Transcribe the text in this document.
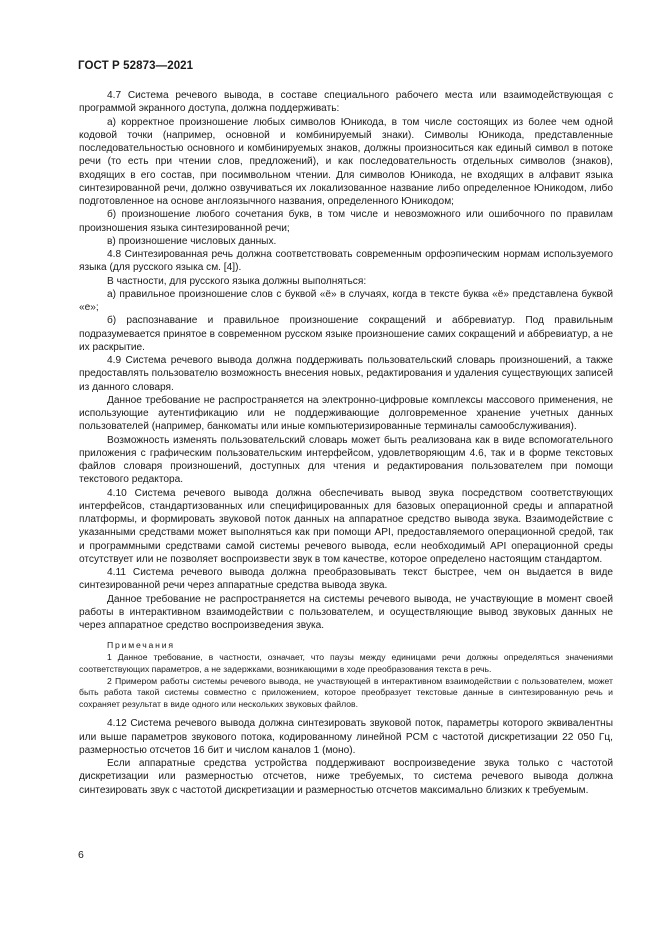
ГОСТ Р 52873—2021

4.7 Система речевого вывода, в составе специального рабочего места или взаимодействующая с программой экранного доступа, должна поддерживать:

а) корректное произношение любых символов Юникода, в том числе состоящих из более чем одной кодовой точки (например, основной и комбинируемый знаки). Символы Юникода, представленные последовательностью основного и комбинируемых знаков, должны произноситься как единый символ в потоке речи (то есть при чтении слов, предложений), и как последовательность отдельных символов (знаков), входящих в его состав, при посимвольном чтении. Для символов Юникода, не входящих в алфавит языка синтезированной речи, должно озвучиваться их локализованное название либо определенное Юникодом, либо подготовленное на основе англоязычного названия, определенного Юникодом;

б) произношение любого сочетания букв, в том числе и невозможного или ошибочного по правилам произношения языка синтезированной речи;

в) произношение числовых данных.

4.8 Синтезированная речь должна соответствовать современным орфоэпическим нормам используемого языка (для русского языка см. [4]).

В частности, для русского языка должны выполняться:

а) правильное произношение слов с буквой «ё» в случаях, когда в тексте буква «ё» представлена буквой «е»;

б) распознавание и правильное произношение сокращений и аббревиатур. Под правильным подразумевается принятое в современном русском языке произношение самих сокращений и аббревиатур, а не их раскрытие.

4.9 Система речевого вывода должна поддерживать пользовательский словарь произношений, а также предоставлять пользователю возможность внесения новых, редактирования и удаления существующих записей из данного словаря.

Данное требование не распространяется на электронно-цифровые комплексы массового применения, не использующие аутентификацию или не поддерживающие долговременное хранение учетных данных пользователей (например, банкоматы или иные компьютеризированные терминалы самообслуживания).

Возможность изменять пользовательский словарь может быть реализована как в виде вспомогательного приложения с графическим пользовательским интерфейсом, удовлетворяющим 4.6, так и в форме текстовых файлов словаря произношений, доступных для чтения и редактирования пользователем при помощи текстового редактора.

4.10 Система речевого вывода должна обеспечивать вывод звука посредством соответствующих интерфейсов, стандартизованных или специфицированных для базовых операционной среды и аппаратной платформы, и формировать звуковой поток данных на аппаратное средство вывода звука. Взаимодействие с указанными средствами может выполняться как при помощи API, предоставляемого операционной средой, так и программными средствами самой системы речевого вывода, если необходимый API операционной среды отсутствует или не позволяет воспроизвести звук в том качестве, которое определено настоящим стандартом.

4.11 Система речевого вывода должна преобразовывать текст быстрее, чем он выдается в виде синтезированной речи через аппаратные средства вывода звука.

Данное требование не распространяется на системы речевого вывода, не участвующие в момент своей работы в интерактивном взаимодействии с пользователем, и осуществляющие вывод звуковых данных не через аппаратное средство воспроизведения звука.

Примечания

1 Данное требование, в частности, означает, что паузы между единицами речи должны определяться значениями соответствующих параметров, а не задержками, возникающими в ходе преобразования текста в речь.

2 Примером работы системы речевого вывода, не участвующей в интерактивном взаимодействии с пользователем, может быть работа такой системы совместно с приложением, которое преобразует текстовые данные в синтезированную речь и сохраняет результат в виде одного или нескольких звуковых файлов.

4.12 Система речевого вывода должна синтезировать звуковой поток, параметры которого эквивалентны или выше параметров звукового потока, кодированному линейной PCM с частотой дискретизации 22 050 Гц, размерностью отсчетов 16 бит и числом каналов 1 (моно).

Если аппаратные средства устройства поддерживают воспроизведение звука только с частотой дискретизации или размерностью отсчетов, ниже требуемых, то система речевого вывода должна синтезировать звук с частотой дискретизации и размерностью отсчетов максимально близких к требуемым.

6
